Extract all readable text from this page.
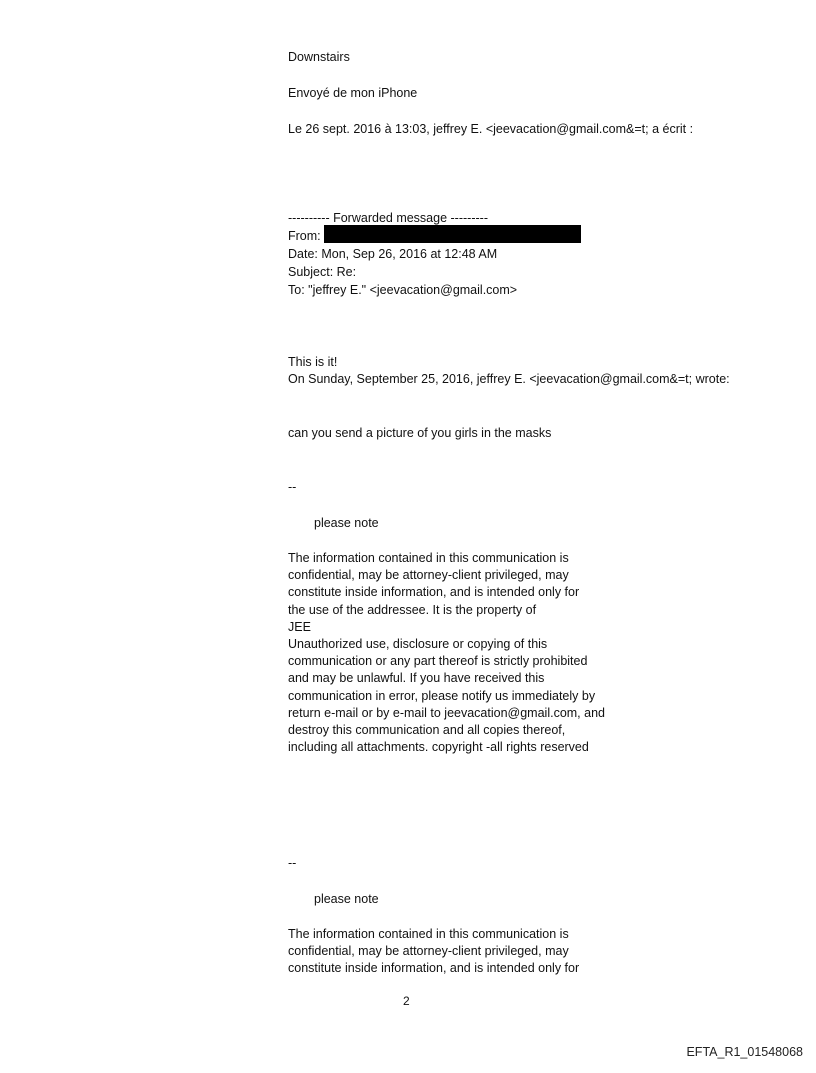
Downstairs
Envoyé de mon iPhone
Le 26 sept. 2016 à 13:03, jeffrey E. <jeevacation@gmail.com&=t; a écrit :
---------- Forwarded message ---------
From:
Date: Mon, Sep 26, 2016 at 12:48 AM
Subject: Re:
To: "jeffrey E." <jeevacation@gmail.com>
This is it!
On Sunday, September 25, 2016, jeffrey E. <jeevacation@gmail.com&=t; wrote:
can you send a picture of you girls in the masks
--
please note
The information contained in this communication is
confidential, may be attorney-client privileged, may
constitute inside information, and is intended only for
the use of the addressee. It is the property of
JEE
Unauthorized use, disclosure or copying of this
communication or any part thereof is strictly prohibited
and may be unlawful. If you have received this
communication in error, please notify us immediately by
return e-mail or by e-mail to jeevacation@gmail.com, and
destroy this communication and all copies thereof,
including all attachments. copyright -all rights reserved
--
please note
The information contained in this communication is
confidential, may be attorney-client privileged, may
constitute inside information, and is intended only for
2
EFTA_R1_01548068
